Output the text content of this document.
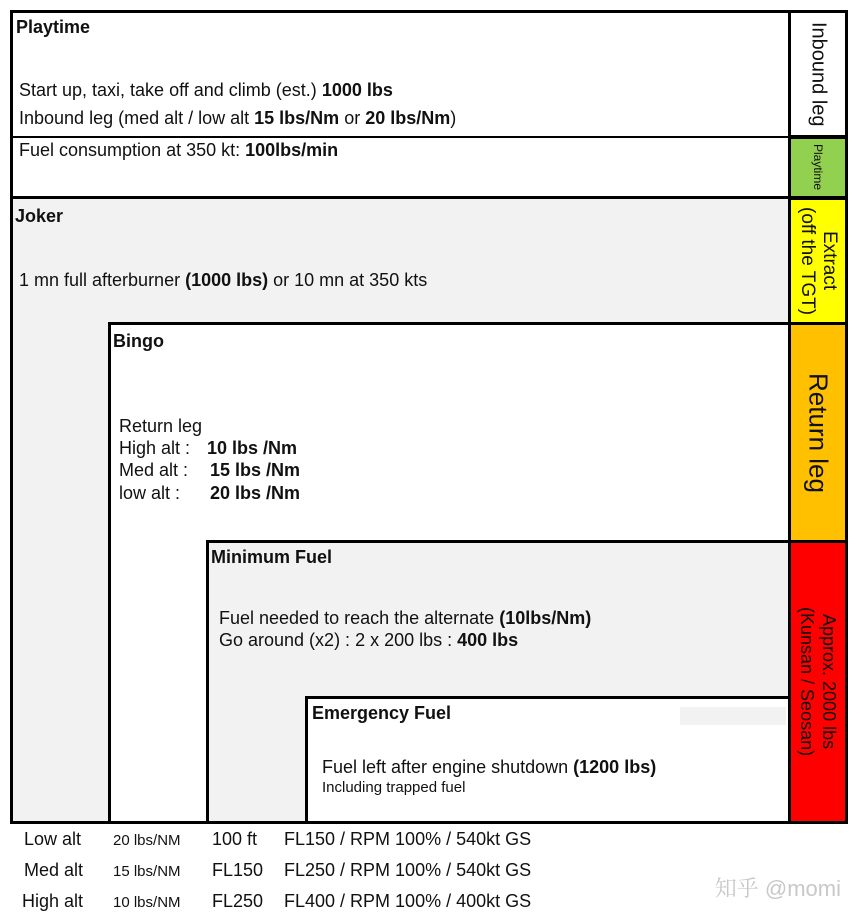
Playtime
Start up, taxi, take off and climb (est.) 1000 lbs
Inbound leg (med alt / low alt 15 lbs/Nm or 20 lbs/Nm)
Fuel consumption at 350 kt: 100lbs/min
Joker
1 mn full afterburner (1000 lbs) or 10 mn at 350 kts
Bingo
Return leg
High alt : 10 lbs /Nm
Med alt : 15 lbs /Nm
low alt : 20 lbs /Nm
Minimum Fuel
Fuel needed to reach the alternate (10lbs/Nm)
Go around (x2) : 2 x 200 lbs : 400 lbs
Emergency Fuel
Fuel left after engine shutdown (1200 lbs)
Including trapped fuel
Inbound leg
Playtime
Extract
(off the TGT)
Return leg
Approx. 2000 lbs
(Kunsan / Seosan)
Low alt 20 lbs/NM 100 ft FL150 / RPM 100% / 540kt GS
Med alt 15 lbs/NM FL150 FL250 / RPM 100% / 540kt GS
High alt 10 lbs/NM FL250 FL400 / RPM 100% / 400kt GS	知乎 @momi
